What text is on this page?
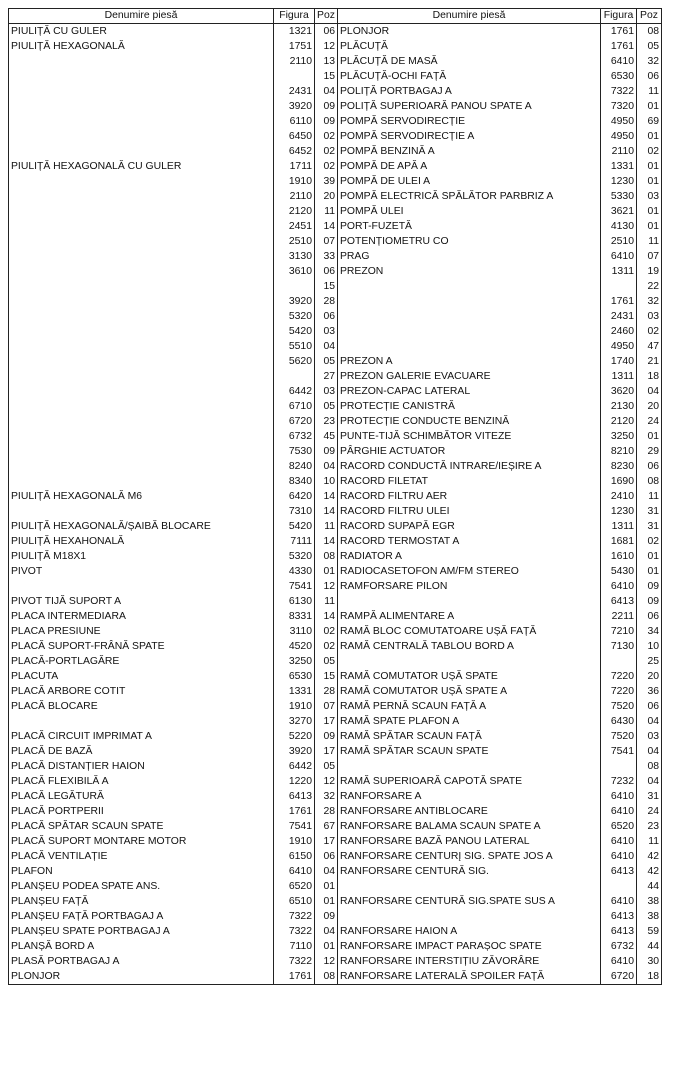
Denumire piesă	Figura	Poz	Denumire piesă	Figura	Poz
PIULIȚĂ CU GULER	1321	06	PLONJOR	1761	08
PIULIȚĂ HEXAGONALĂ	1751	12	PLĂCUȚĂ	1761	05
	2110	13	PLĂCUȚĂ DE MASĂ	6410	32
		15	PLĂCUȚĂ-OCHI FAȚĂ	6530	06
	2431	04	POLIȚĂ PORTBAGAJ A	7322	11
	3920	09	POLIȚĂ SUPERIOARĂ PANOU SPATE A	7320	01
	6110	09	POMPĂ SERVODIRECȚIE	4950	69
	6450	02	POMPĂ SERVODIRECȚIE A	4950	01
	6452	02	POMPĂ BENZINĂ A	2110	02
PIULIȚĂ HEXAGONALĂ CU GULER	1711	02	POMPĂ DE APĂ A	1331	01
	1910	39	POMPĂ DE ULEI A	1230	01
	2110	20	POMPĂ ELECTRICĂ SPĂLĂTOR PARBRIZ A	5330	03
	2120	11	POMPĂ ULEI	3621	01
	2451	14	PORT-FUZETĂ	4130	01
	2510	07	POTENȚIOMETRU CO	2510	11
	3130	33	PRAG	6410	07
	3610	06	PREZON	1311	19
		15			22
	3920	28		1761	32
	5320	06		2431	03
	5420	03		2460	02
	5510	04		4950	47
	5620	05	PREZON A	1740	21
		27	PREZON GALERIE EVACUARE	1311	18
	6442	03	PREZON-CAPAC LATERAL	3620	04
	6710	05	PROTECȚIE CANISTRĂ	2130	20
	6720	23	PROTECȚIE CONDUCTE BENZINĂ	2120	24
	6732	45	PUNTE-TIJĂ SCHIMBĂTOR VITEZE	3250	01
	7530	09	PÂRGHIE ACTUATOR	8210	29
	8240	04	RACORD CONDUCTĂ INTRARE/IEȘIRE A	8230	06
	8340	10	RACORD FILETAT	1690	08
PIULIȚĂ HEXAGONALĂ M6	6420	14	RACORD FILTRU AER	2410	11
	7310	14	RACORD FILTRU ULEI	1230	31
PIULIȚĂ HEXAGONALĂ/ȘAIBĂ BLOCARE	5420	11	RACORD SUPAPĂ EGR	1311	31
PIULIȚĂ HEXAHONALĂ	7111	14	RACORD TERMOSTAT A	1681	02
PIULIȚĂ M18X1	5320	08	RADIATOR A	1610	01
PIVOT	4330	01	RADIOCASETOFON AM/FM STEREO	5430	01
	7541	12	RAMFORSARE PILON	6410	09
PIVOT TIJĂ SUPORT A	6130	11		6413	09
PLACA INTERMEDIARA	8331	14	RAMPĂ ALIMENTARE A	2211	06
PLACA PRESIUNE	3110	02	RAMĂ BLOC COMUTATOARE UȘĂ FAȚĂ	7210	34
PLACĂ SUPORT-FRÂNĂ SPATE	4520	02	RAMĂ CENTRALĂ TABLOU BORD A	7130	10
PLACĂ-PORTLAGĂRE	3250	05			25
PLACUTA	6530	15	RAMĂ COMUTATOR UȘĂ SPATE	7220	20
PLACĂ ARBORE COTIT	1331	28	RAMĂ COMUTATOR UȘĂ SPATE A	7220	36
PLACĂ BLOCARE	1910	07	RAMĂ PERNĂ SCAUN FAȚĂ A	7520	06
	3270	17	RAMĂ SPATE PLAFON A	6430	04
PLACĂ CIRCUIT IMPRIMAT A	5220	09	RAMĂ SPĂTAR SCAUN FAȚĂ	7520	03
PLACĂ DE BAZĂ	3920	17	RAMĂ SPĂTAR SCAUN SPATE	7541	04
PLACĂ DISTANȚIER HAION	6442	05			08
PLACĂ FLEXIBILĂ A	1220	12	RAMĂ SUPERIOARĂ CAPOTĂ SPATE	7232	04
PLACĂ LEGĂTURĂ	6413	32	RANFORSARE A	6410	31
PLACĂ PORTPERII	1761	28	RANFORSARE ANTIBLOCARE	6410	24
PLACĂ SPĂTAR SCAUN SPATE	7541	67	RANFORSARE BALAMA SCAUN SPATE A	6520	23
PLACĂ SUPORT MONTARE MOTOR	1910	17	RANFORSARE BAZĂ PANOU LATERAL	6410	11
PLACĂ VENTILAȚIE	6150	06	RANFORSARE CENTURĮ SIG. SPATE JOS A	6410	42
PLAFON	6410	04	RANFORSARE CENTURĂ SIG.	6413	42
PLANȘEU PODEA SPATE ANS.	6520	01			44
PLANȘEU FAȚĂ	6510	01	RANFORSARE CENTURĂ SIG.SPATE SUS A	6410	38
PLANȘEU FAȚĂ PORTBAGAJ A	7322	09		6413	38
PLANȘEU SPATE PORTBAGAJ A	7322	04	RANFORSARE HAION A	6413	59
PLANȘĂ BORD A	7110	01	RANFORSARE IMPACT PARAȘOC SPATE	6732	44
PLASĂ PORTBAGAJ A	7322	12	RANFORSARE INTERSTIȚIU ZĂVORÂRE	6410	30
PLONJOR	1761	08	RANFORSARE LATERALĂ SPOILER FAȚĂ	6720	18
